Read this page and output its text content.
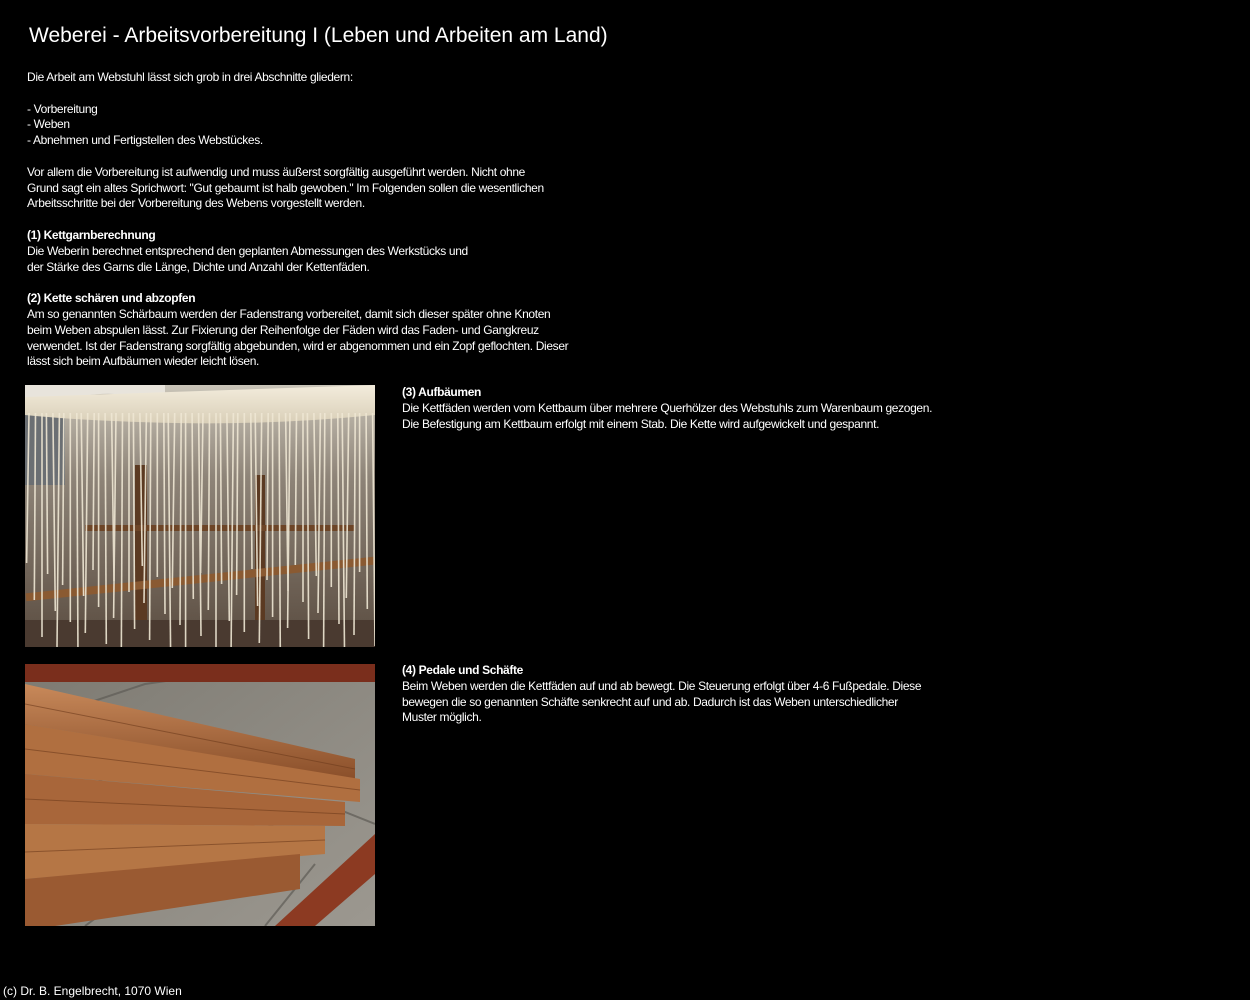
Weberei - Arbeitsvorbereitung I (Leben und Arbeiten am Land)

Die Arbeit am Webstuhl lässt sich grob in drei Abschnitte gliedern:

- Vorbereitung

- Weben

- Abnehmen und Fertigstellen des Webstückes.

Vor allem die Vorbereitung ist aufwendig und muss äußerst sorgfältig ausgeführt werden. Nicht ohne

Grund sagt ein altes Sprichwort: "Gut gebaumt ist halb gewoben." Im Folgenden sollen die wesentlichen

Arbeitsschritte bei der Vorbereitung des Webens vorgestellt werden.

(1) Kettgarnberechnung

Die Weberin berechnet entsprechend den geplanten Abmessungen des Werkstücks und

der Stärke des Garns die Länge, Dichte und Anzahl der Kettenfäden.

(2) Kette schären und abzopfen

Am so genannten Schärbaum werden der Fadenstrang vorbereitet, damit sich dieser später ohne Knoten

beim Weben abspulen lässt. Zur Fixierung der Reihenfolge der Fäden wird das Faden- und Gangkreuz

verwendet. Ist der Fadenstrang sorgfältig abgebunden, wird er abgenommen und ein Zopf geflochten. Dieser

lässt sich beim Aufbäumen wieder leicht lösen.

(3) Aufbäumen

Die Kettfäden werden vom Kettbaum über mehrere Querhölzer des Webstuhls zum Warenbaum gezogen.

Die Befestigung am Kettbaum erfolgt mit einem Stab. Die Kette wird aufgewickelt und gespannt.

(4) Pedale und Schäfte

Beim Weben werden die Kettfäden auf und ab bewegt. Die Steuerung erfolgt über 4-6 Fußpedale. Diese

bewegen die so genannten Schäfte senkrecht auf und ab. Dadurch ist das Weben unterschiedlicher

Muster möglich.

(c) Dr. B. Engelbrecht, 1070 Wien
